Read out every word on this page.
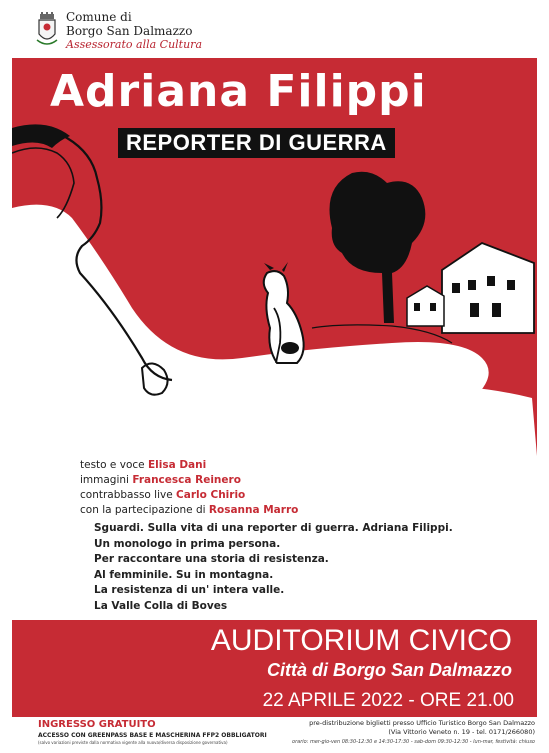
Comune di
Borgo San Dalmazzo
Assessorato alla Cultura
Adriana Filippi
REPORTER DI GUERRA
testo e voce Elisa Dani
immagini Francesca Reinero
contrabbasso live Carlo Chirio
con la partecipazione di Rosanna Marro
Sguardi. Sulla vita di una reporter di guerra. Adriana Filippi.
Un monologo in prima persona.
Per raccontare una storia di resistenza.
Al femminile. Su in montagna.
La resistenza di un' intera valle.
La Valle Colla di Boves
AUDITORIUM CIVICO
Città di Borgo San Dalmazzo
22 APRILE 2022 - ORE 21.00
INGRESSO GRATUITO
ACCESSO CON GREENPASS BASE E MASCHERINA FFP2 OBBLIGATORI
(salvo variazioni previste dalla normativa vigente alla nuova/diversa disposizione governativa)
pre-distribuzione biglietti presso Ufficio Turistico Borgo San Dalmazzo
(Via Vittorio Veneto n. 19 - tel. 0171/266080)
orario: mer-gio-ven 08:30-12:30 e 14:30-17:30 - sab-dom 09:30-12:30 - lun-mar, festività: chiuso
